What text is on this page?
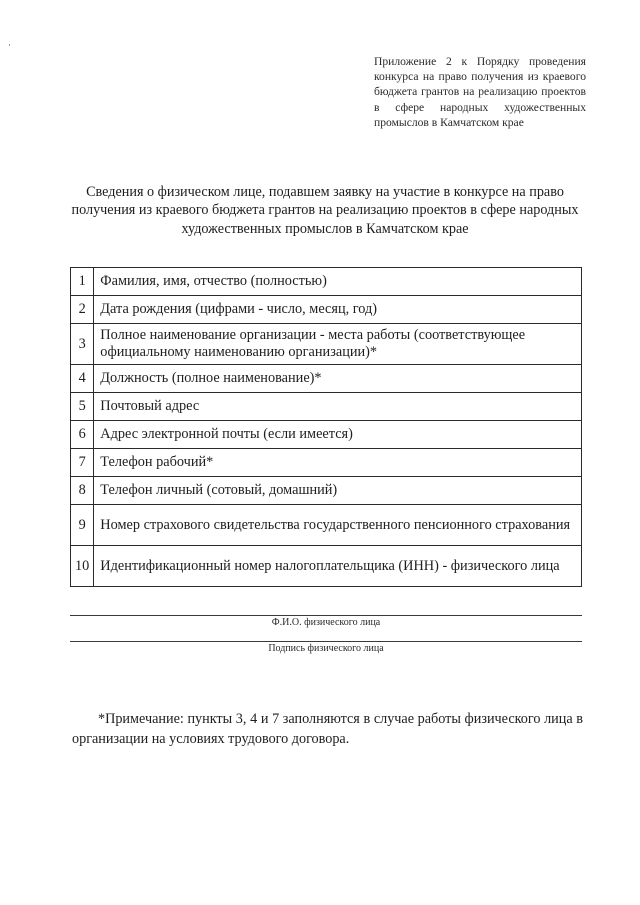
Приложение 2 к Порядку проведения конкурса на право получения из краевого бюджета грантов на реализацию проектов в сфере народных художественных промыслов в Камчатском крае
Сведения о физическом лице, подавшем заявку на участие в конкурсе на право получения из краевого бюджета грантов на реализацию проектов в сфере народных художественных промыслов в Камчатском крае
1	Фамилия, имя, отчество (полностью)
2	Дата рождения (цифрами - число, месяц, год)
3	Полное наименование организации - места работы (соответствующее официальному наименованию организации)*
4	Должность (полное наименование)*
5	Почтовый адрес
6	Адрес электронной почты (если имеется)
7	Телефон рабочий*
8	Телефон личный (сотовый, домашний)
9	Номер страхового свидетельства государственного пенсионного страхования
10	Идентификационный номер налогоплательщика (ИНН) - физического лица
Ф.И.О. физического лица
Подпись физического лица
*Примечание: пункты 3, 4 и 7 заполняются в случае работы физического лица в организации на условиях трудового договора.
